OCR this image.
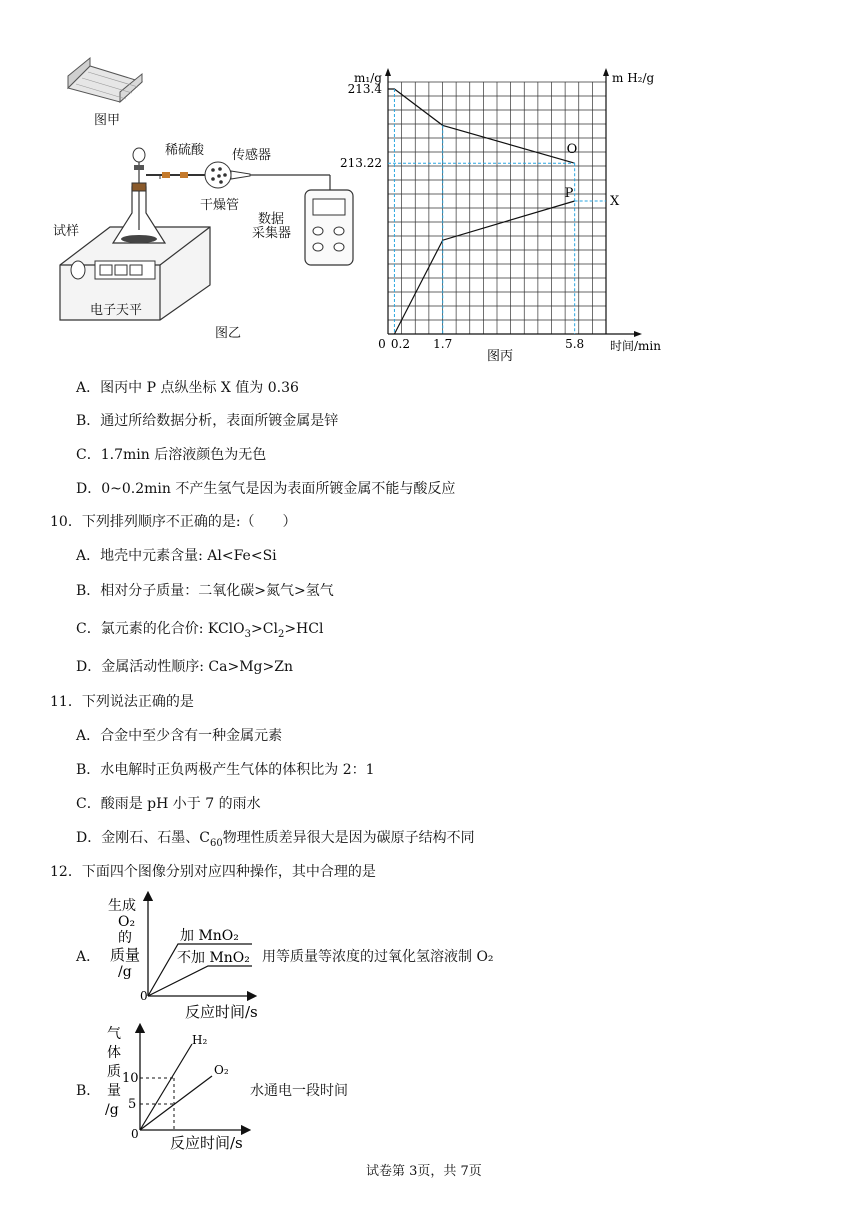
图甲
稀硫酸 传感器
干燥管
数据
采集器
试样
电子天平
图乙
m₁/g	m H₂/g
213.4
213.22
0 0.2 1.7	5.8 时间/min
O
P
X
图丙
A．图丙中 P 点纵坐标 X 值为 0.36
B．通过所给数据分析，表面所镀金属是锌
C．1.7min 后溶液颜色为无色
D．0~0.2min 不产生氢气是因为表面所镀金属不能与酸反应
10．下列排列顺序不正确的是:（　　）
A．地壳中元素含量: Al<Fe<Si
B．相对分子质量：二氧化碳>氮气>氢气
C．氯元素的化合价: $KClO_3>Cl_2>HCl$
D．金属活动性顺序: Ca>Mg>Zn
11．下列说法正确的是
A．合金中至少含有一种金属元素
B．水电解时正负两极产生气体的体积比为 2：1
C．酸雨是 pH 小于 7 的雨水
D．金刚石、石墨、$C_{60}$物理性质差异很大是因为碳原子结构不同
12．下面四个图像分别对应四种操作，其中合理的是
A．
0
加 MnO₂
不加 MnO₂
反应时间/s
生成
O₂
的
质量
/g
用等质量等浓度的过氧化氢溶液制 O₂
B．
0
10
5
H₂
O₂
反应时间/s
气
体
质
量
/g
水通电一段时间
试卷第 3页，共 7页
